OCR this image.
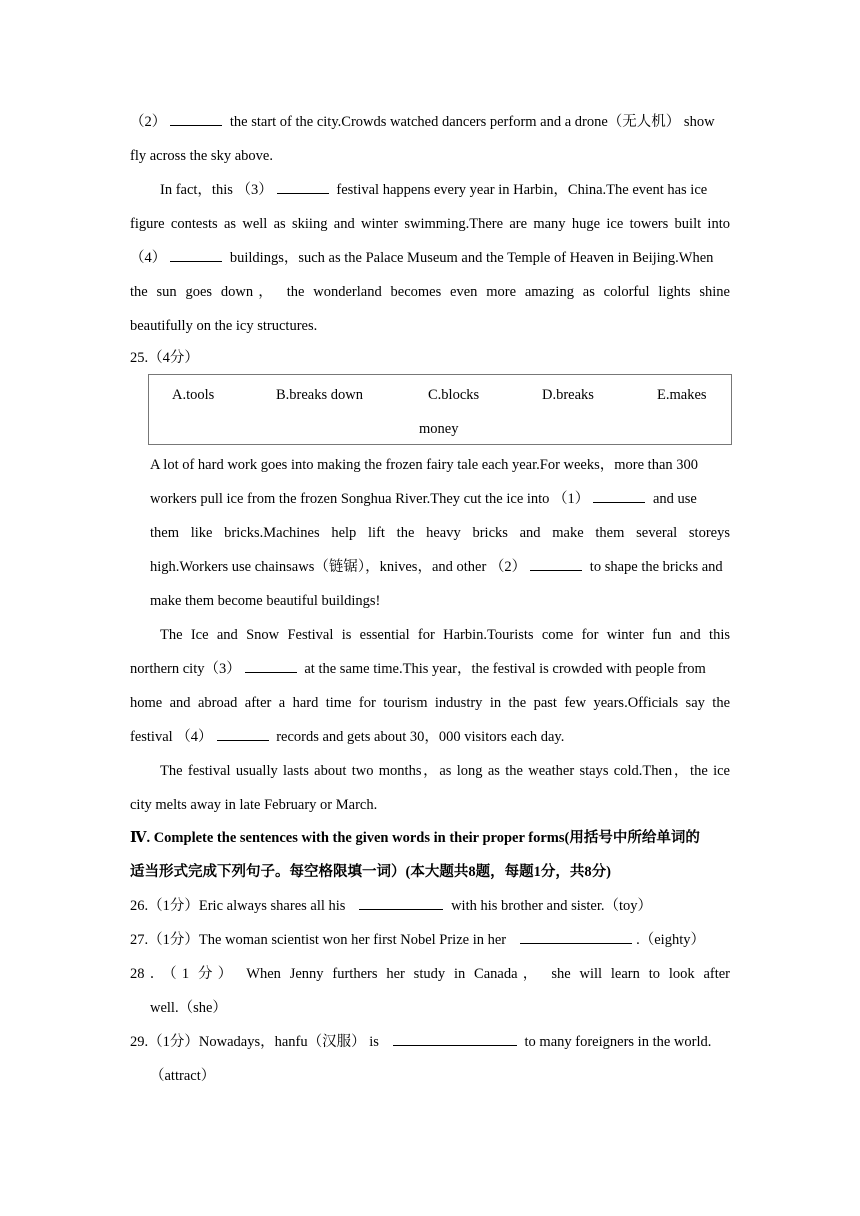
（2）	the start of the city.Crowds watched dancers perform and a drone（无人机） show
fly across the sky above.
In fact，this （3）	festival happens every year in Harbin，China.The event has ice
figure contests as well as skiing and winter swimming.There are many huge ice towers built into
（4）	buildings，such as the Palace Museum and the Temple of Heaven in Beijing.When
the sun goes down， the wonderland becomes even more amazing as colorful lights shine
beautifully on the icy structures.
25.（4分）
A.tools	B.breaks down	C.blocks	D.breaks	E.makes
money
A lot of hard work goes into making the frozen fairy tale each year.For weeks，more than 300
workers pull ice from the frozen Songhua River.They cut the ice into （1）	and use
them like bricks.Machines help lift the heavy bricks and make them several storeys
high.Workers use chainsaws（链锯），knives，and other （2）	to shape the bricks and
make them become beautiful buildings!
The Ice and Snow Festival is essential for Harbin.Tourists come for winter fun and this
northern city（3）	at the same time.This year，the festival is crowded with people from
home and abroad after a hard time for tourism industry in the past few years.Officials say the
festival （4）	records and gets about 30，000 visitors each day.
The festival usually lasts about two months，as long as the weather stays cold.Then，the ice
city melts away in late February or March.
Ⅳ. Complete the sentences with the given words in their proper forms(用括号中所给单词的
适当形式完成下列句子。每空格限填一词）(本大题共8题，每题1分，共8分)
26.（1分）Eric always shares all his	with his brother and sister.（toy）
27.（1分）The woman scientist won her first Nobel Prize in her	.（eighty）
28．（1 分） When Jenny furthers her study in Canada， she will learn to look after
well.（she）
29.（1分）Nowadays，hanfu（汉服） is	to many foreigners in the world.
（attract）
